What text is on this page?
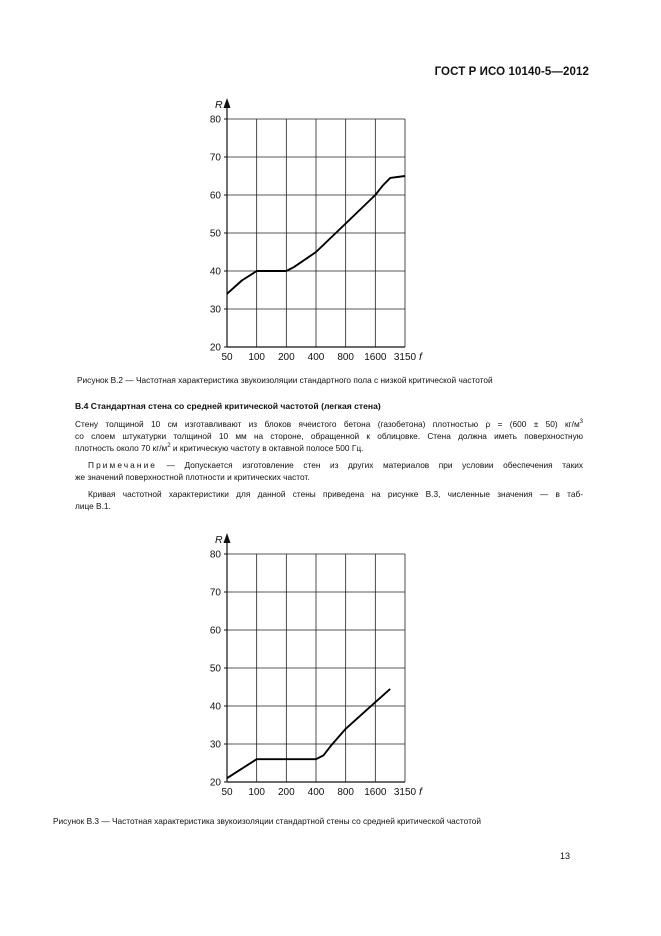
ГОСТ Р ИСО 10140-5—2012
20
30
40
50
60
70
80
50 100 200 400 800 1600 3150
R
f
Рисунок В.2 — Частотная характеристика звукоизоляции стандартного пола с низкой критической частотой
В.4 Стандартная стена со средней критической частотой (легкая стена)
Стену толщиной 10 см изготавливают из блоков ячеистого бетона (газобетона) плотностью ρ = (600 ± 50) $кг/м^3$
со слоем штукатурки толщиной 10 мм на стороне, обращенной к облицовке. Стена должна иметь поверхностную
плотность около 70 $кг/м^2$ и критическую частоту в октавной полосе 500 Гц.
Примечание — Допускается изготовление стен из других материалов при условии обеспечения таких
же значений поверхностной плотности и критических частот.
Кривая частотной характеристики для данной стены приведена на рисунке В.3, численные значения — в таб-
лице В.1.
20
30
40
50
60
70
80
50 100 200 400 800 1600 3150
R
f
Рисунок В.3 — Частотная характеристика звукоизоляции стандартной стены со средней критической частотой
13
